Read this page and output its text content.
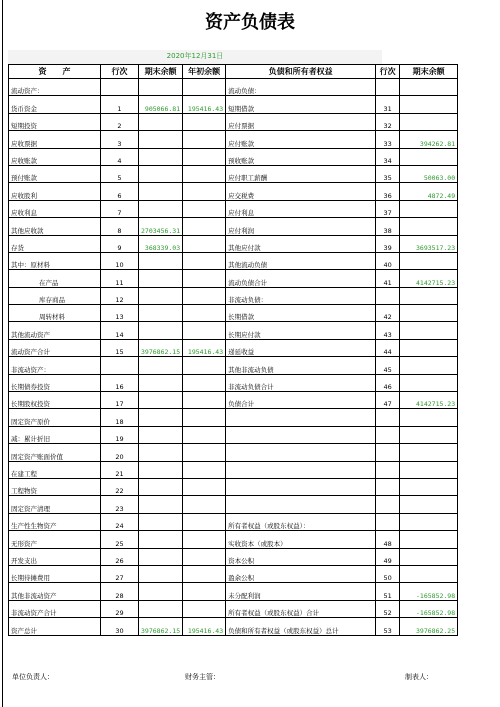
资产负债表
2020年12月31日
资　　产	行次	期末余额	年初余额	负债和所有者权益	行次	期末余额
流动资产：				流动负债：		
货币资金	1	905066.81	195416.43	短期借款	31	
短期投资	2			应付票据	32	
应收票据	3			应付账款	33	394262.81
应收账款	4			预收账款	34	
预付账款	5			应付职工薪酬	35	50063.00
应收股利	6			应交税费	36	4872.49
应收利息	7			应付利息	37	
其他应收款	8	2703456.31		应付利润	38	
存货	9	368339.03		其他应付款	39	3693517.23
其中：原材料	10			其他流动负债	40	
在产品	11			流动负债合计	41	4142715.23
库存商品	12			非流动负债：		
周转材料	13			长期借款	42	
其他流动资产	14			长期应付款	43	
流动资产合计	15	3976862.15	195416.43	递延收益	44	
非流动资产：				其他非流动负债	45	
长期债券投资	16			非流动负债合计	46	
长期股权投资	17			负债合计	47	4142715.23
固定资产原价	18					
减：累计折旧	19					
固定资产账面价值	20					
在建工程	21					
工程物资	22					
固定资产清理	23					
生产性生物资产	24			所有者权益（或股东权益）：		
无形资产	25			实收资本（或股本）	48	
开发支出	26			资本公积	49	
长期待摊费用	27			盈余公积	50	
其他非流动资产	28			未分配利润	51	-165852.98
非流动资产合计	29			所有者权益（或股东权益）合计	52	-165852.98
资产总计	30	3976862.15	195416.43	负债和所有者权益（或股东权益）总计	53	3976862.25
单位负责人：	财务主管：	制表人：
